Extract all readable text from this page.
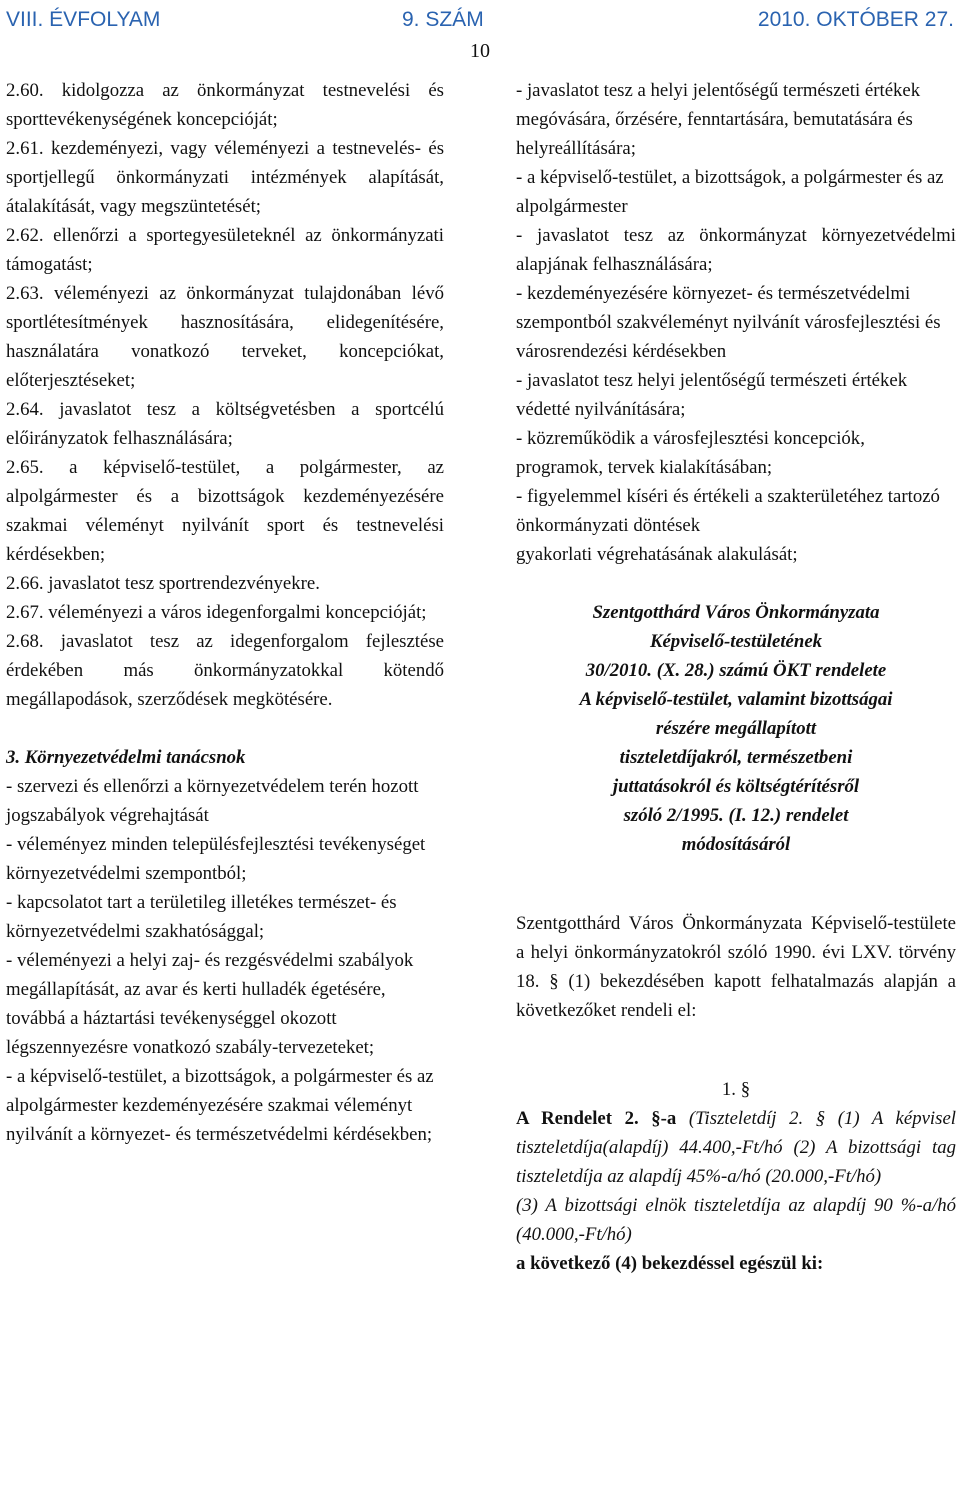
VIII. ÉVFOLYAM	9. SZÁM	2010. OKTÓBER 27.
10

2.60. kidolgozza az önkormányzat testnevelési és sporttevékenységének koncepcióját;

2.61. kezdeményezi, vagy véleményezi a testnevelés- és sportjellegű önkormányzati intézmények alapítását, átalakítását, vagy megszüntetését;

2.62. ellenőrzi a sportegyesületeknél az önkormányzati támogatást;

2.63. véleményezi az önkormányzat tulajdonában lévő sportlétesítmények hasznosítására, elidegenítésére, használatára vonatkozó terveket, koncepciókat, előterjesztéseket;

2.64. javaslatot tesz a költségvetésben a sportcélú előirányzatok felhasználására;

2.65. a képviselő-testület, a polgármester, az alpolgármester és a bizottságok kezdeményezésére szakmai véleményt nyilvánít sport és testnevelési kérdésekben;

2.66. javaslatot tesz sportrendezvényekre.

2.67. véleményezi a város idegenforgalmi koncepcióját;

2.68. javaslatot tesz az idegenforgalom fejlesztése érdekében más önkormányzatokkal kötendő megállapodások, szerződések megkötésére.

3. Környezetvédelmi tanácsnok

- szervezi és ellenőrzi a környezetvédelem terén hozott jogszabályok végrehajtását

- véleményez minden településfejlesztési tevékenységet környezetvédelmi szempontból;

- kapcsolatot tart a területileg illetékes természet- és környezetvédelmi szakhatósággal;

- véleményezi a helyi zaj- és rezgésvédelmi szabályok megállapítását, az avar és kerti hulladék égetésére, továbbá a háztartási tevékenységgel okozott légszennyezésre vonatkozó szabály-tervezeteket;

- a képviselő-testület, a bizottságok, a polgármester és az alpolgármester kezdeményezésére szakmai véleményt nyilvánít a környezet- és természetvédelmi kérdésekben;

- javaslatot tesz a helyi jelentőségű természeti értékek megóvására, őrzésére, fenntartására, bemutatására és helyreállítására;

- a képviselő-testület, a bizottságok, a polgármester és az alpolgármester

- javaslatot tesz az önkormányzat környezetvédelmi alapjának felhasználására;

- kezdeményezésére környezet- és természetvédelmi szempontból szakvéleményt nyilvánít városfejlesztési és városrendezési kérdésekben

- javaslatot tesz helyi jelentőségű természeti értékek védetté nyilvánítására;

- közreműködik a városfejlesztési koncepciók, programok, tervek kialakításában;

- figyelemmel kíséri és értékeli a szakterületéhez tartozó önkormányzati döntések

gyakorlati végrehatásának alakulását;

Szentgotthárd Város Önkormányzata

Képviselő-testületének

30/2010. (X. 28.) számú ÖKT rendelete

A képviselő-testület, valamint bizottságai

részére megállapított

tiszteletdíjakról, természetbeni

juttatásokról és költségtérítésről

szóló 2/1995. (I. 12.) rendelet

módosításáról

Szentgotthárd Város Önkormányzata Képviselő-testülete a helyi önkormányzatokról szóló 1990. évi LXV. törvény 18. § (1) bekezdésében kapott felhatalmazás alapján a következőket rendeli el:

1. §

A Rendelet 2. §-a (Tiszteletdíj 2. § (1) A képvisel tiszteletdíja(alapdíj) 44.400,-Ft/hó (2) A bizottsági tag tiszteletdíja az alapdíj 45%-a/hó (20.000,-Ft/hó)

(3) A bizottsági elnök tiszteletdíja az alapdíj 90 %-a/hó (40.000,-Ft/hó)

a következő (4) bekezdéssel egészül ki:
